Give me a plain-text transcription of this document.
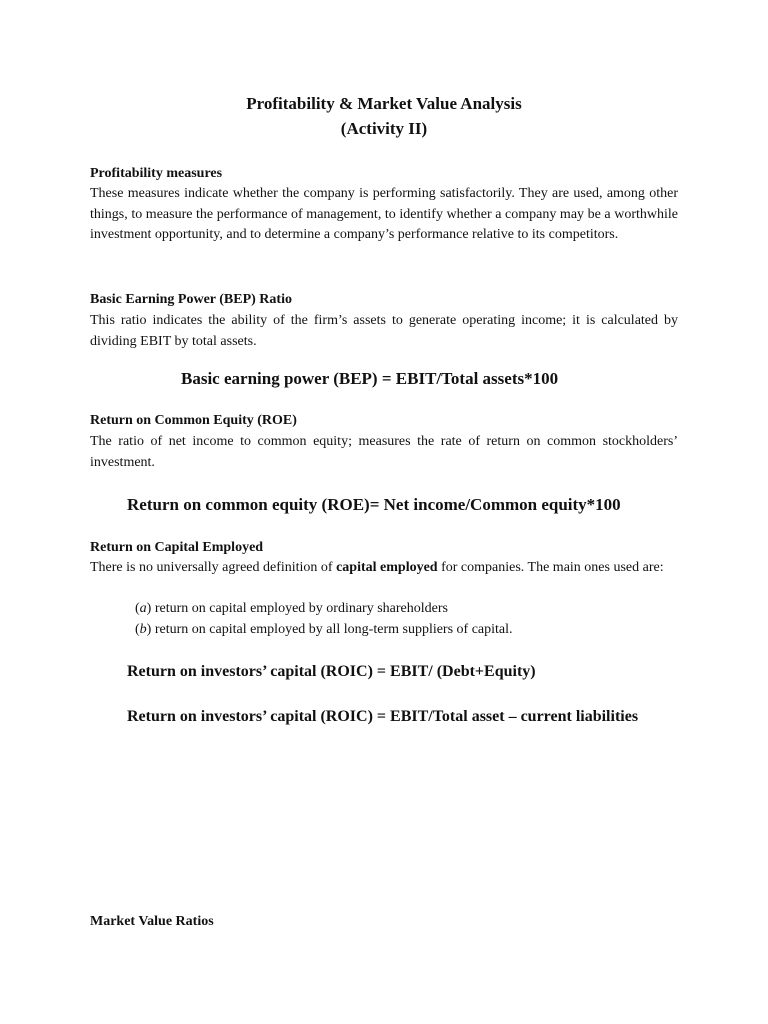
Profitability & Market Value Analysis
(Activity II)
Profitability measures

These measures indicate whether the company is performing satisfactorily. They are used, among other things, to measure the performance of management, to identify whether a company may be a worthwhile investment opportunity, and to determine a company’s performance relative to its competitors.

Basic Earning Power (BEP) Ratio

This ratio indicates the ability of the firm’s assets to generate operating income; it is calculated by dividing EBIT by total assets.

Basic earning power (BEP) = EBIT/Total assets*100
Return on Common Equity (ROE)

The ratio of net income to common equity; measures the rate of return on common stockholders’ investment.

Return on common equity (ROE)= Net income/Common equity*100
Return on Capital Employed

There is no universally agreed definition of capital employed for companies. The main ones used are:

(a) return on capital employed by ordinary shareholders
(b) return on capital employed by all long-term suppliers of capital.
Return on investors’ capital (ROIC) = EBIT/ (Debt+Equity)
Return on investors’ capital (ROIC) = EBIT/Total asset – current liabilities
Market Value Ratios
